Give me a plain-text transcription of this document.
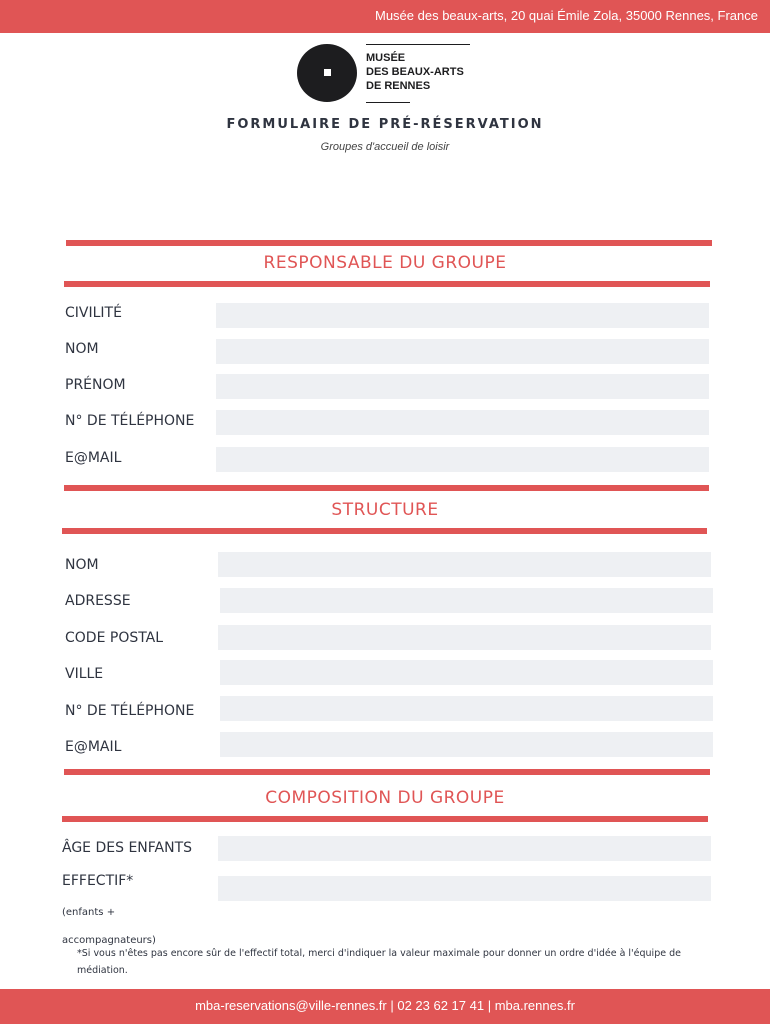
Musée des beaux-arts, 20 quai Émile Zola, 35000 Rennes, France
MUSÉE
DES BEAUX-ARTS
DE RENNES
FORMULAIRE DE PRÉ-RÉSERVATION
Groupes d'accueil de loisir
RESPONSABLE DU GROUPE
CIVILITÉ
NOM
PRÉNOM
N° DE TÉLÉPHONE
E@MAIL
STRUCTURE
NOM
ADRESSE
CODE POSTAL
VILLE
N° DE TÉLÉPHONE
E@MAIL
COMPOSITION DU GROUPE
ÂGE DES ENFANTS
EFFECTIF*
(enfants +
accompagnateurs)
*Si vous n'êtes pas encore sûr de l'effectif total, merci d'indiquer la valeur maximale pour donner un ordre d'idée à l'équipe de médiation.
mba-reservations@ville-rennes.fr | 02 23 62 17 41 | mba.rennes.fr
